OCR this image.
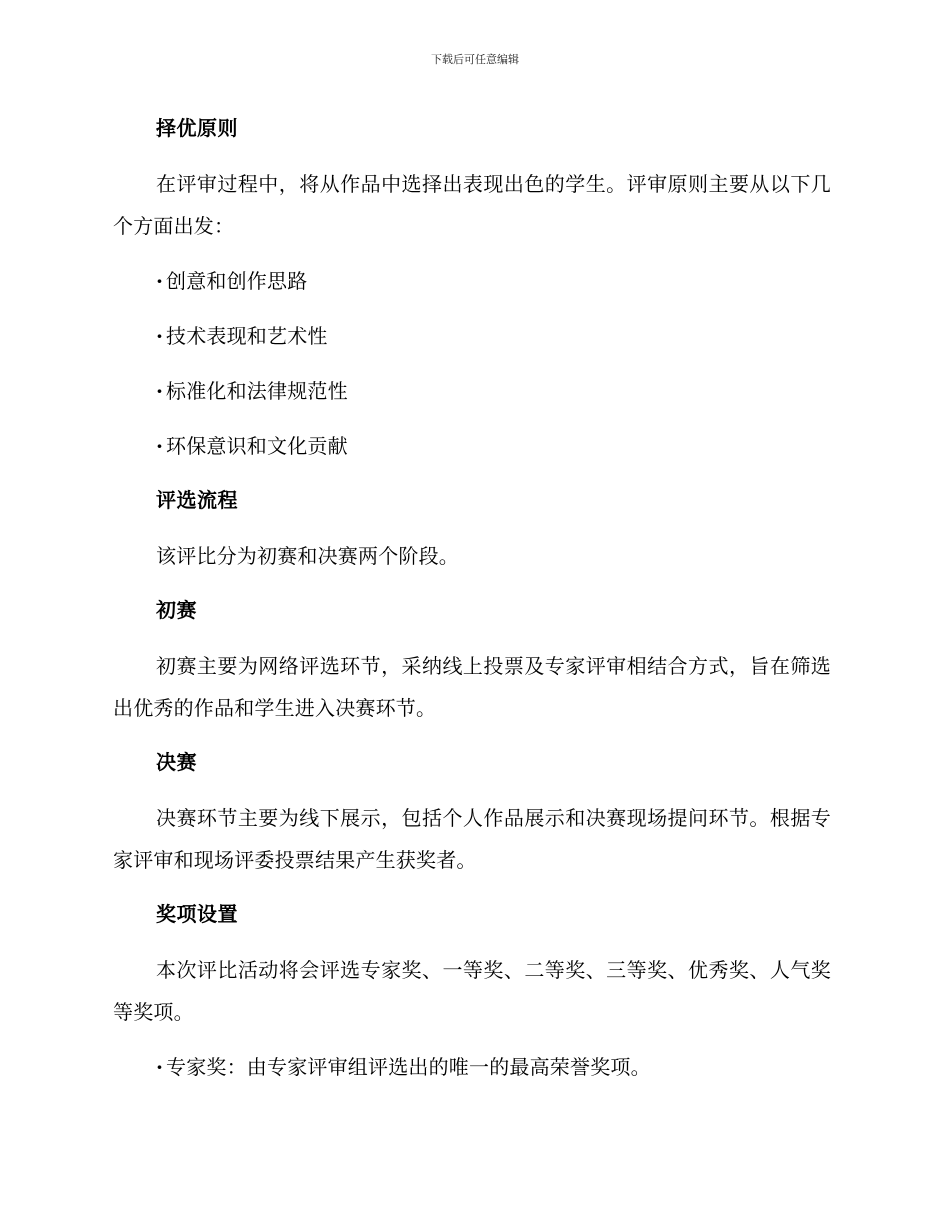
下载后可任意编辑
择优原则

在评审过程中，将从作品中选择出表现出色的学生。评审原则主要从以下几个方面出发：

· 创意和创作思路

· 技术表现和艺术性

· 标准化和法律规范性

· 环保意识和文化贡献

评选流程

该评比分为初赛和决赛两个阶段。

初赛

初赛主要为网络评选环节，采纳线上投票及专家评审相结合方式，旨在筛选出优秀的作品和学生进入决赛环节。

决赛

决赛环节主要为线下展示，包括个人作品展示和决赛现场提问环节。根据专家评审和现场评委投票结果产生获奖者。

奖项设置

本次评比活动将会评选专家奖、一等奖、二等奖、三等奖、优秀奖、人气奖等奖项。

· 专家奖：由专家评审组评选出的唯一的最高荣誉奖项。
